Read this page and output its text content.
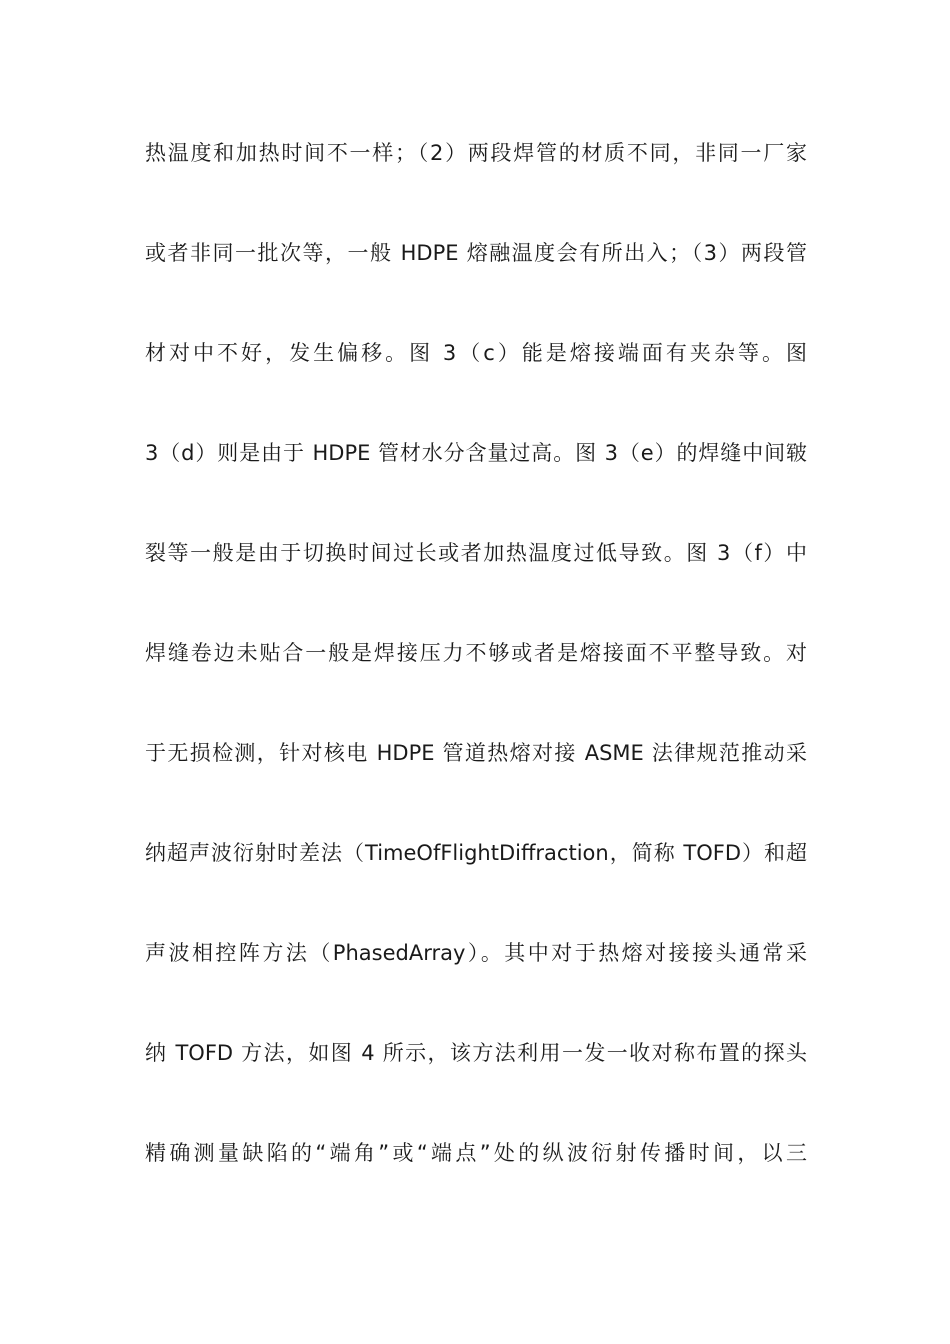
热温度和加热时间不一样；（2）两段焊管的材质不同，非同一厂家
或者非同一批次等，一般 HDPE 熔融温度会有所出入；（3）两段管
材对中不好，发生偏移。图 3（c）能是熔接端面有夹杂等。图
3（d）则是由于 HDPE 管材水分含量过高。图 3（e）的焊缝中间皲
裂等一般是由于切换时间过长或者加热温度过低导致。图 3（f）中
焊缝卷边未贴合一般是焊接压力不够或者是熔接面不平整导致。对
于无损检测，针对核电 HDPE 管道热熔对接 ASME 法律规范推动采
纳超声波衍射时差法（TimeOfFlightDiffraction，简称 TOFD）和超
声波相控阵方法（PhasedArray）。其中对于热熔对接接头通常采
纳 TOFD 方法，如图 4 所示，该方法利用一发一收对称布置的探头
精确测量缺陷的“端角”或“端点”处的纵波衍射传播时间，以三
